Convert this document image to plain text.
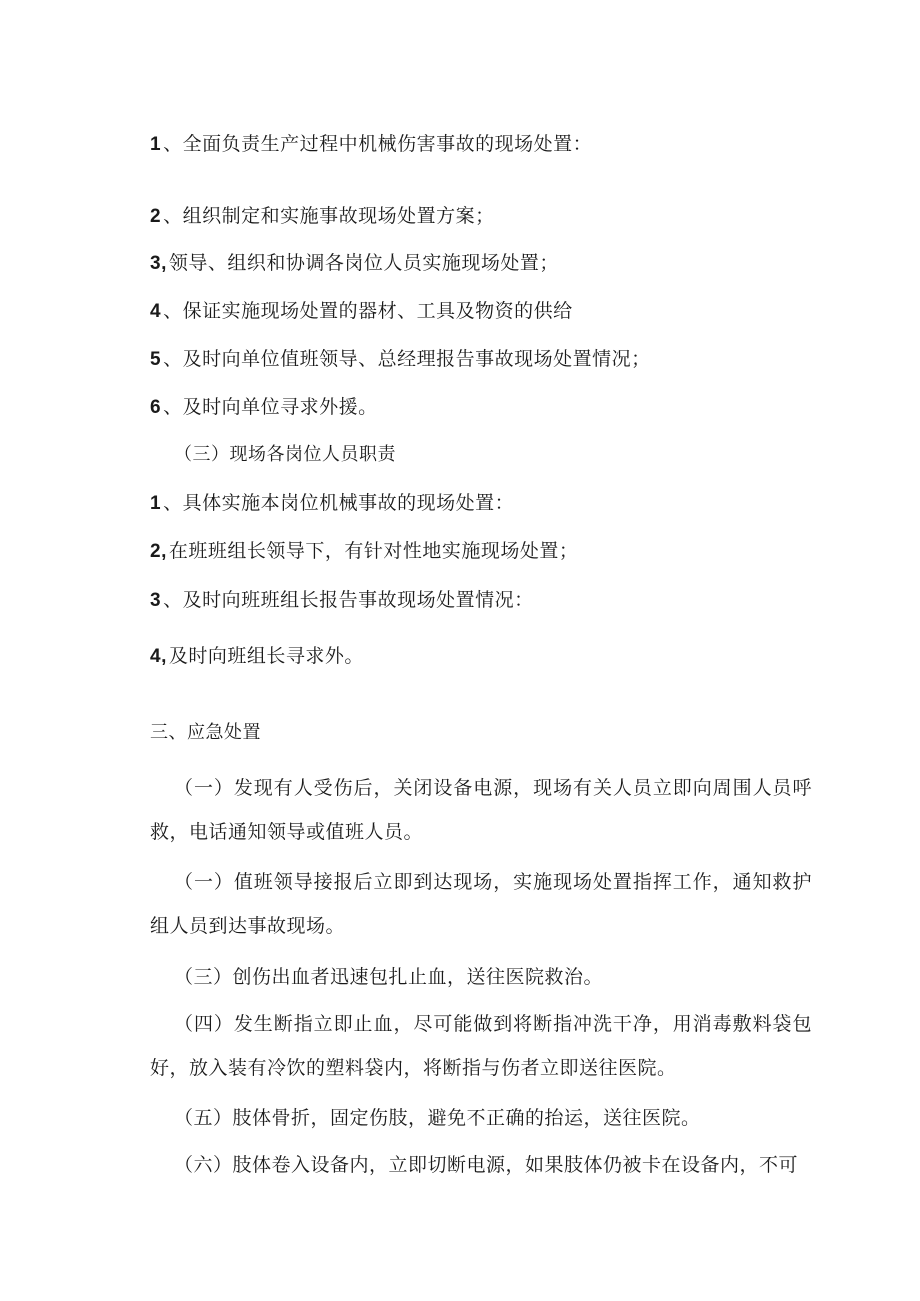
1 、全面负责生产过程中机械伤害事故的现场处置：
2 、组织制定和实施事故现场处置方案；
3, 领导、组织和协调各岗位人员实施现场处置；
4 、保证实施现场处置的器材、工具及物资的供给
5 、及时向单位值班领导、总经理报告事故现场处置情况；
6 、及时向单位寻求外援。
（三）现场各岗位人员职责
1 、具体实施本岗位机械事故的现场处置：
2, 在班班组长领导下，有针对性地实施现场处置；
3 、及时向班班组长报告事故现场处置情况：
4, 及时向班组长寻求外。
三、应急处置
（一）发现有人受伤后，关闭设备电源，现场有关人员立即向周围人员呼救，电话通知领导或值班人员。
（一）值班领导接报后立即到达现场，实施现场处置指挥工作，通知救护组人员到达事故现场。
（三）创伤出血者迅速包扎止血，送往医院救治。
（四）发生断指立即止血，尽可能做到将断指冲洗干净，用消毒敷料袋包好，放入装有冷饮的塑料袋内，将断指与伤者立即送往医院。
（五）肢体骨折，固定伤肢，避免不正确的抬运，送往医院。
（六）肢体卷入设备内，立即切断电源，如果肢体仍被卡在设备内，不可
